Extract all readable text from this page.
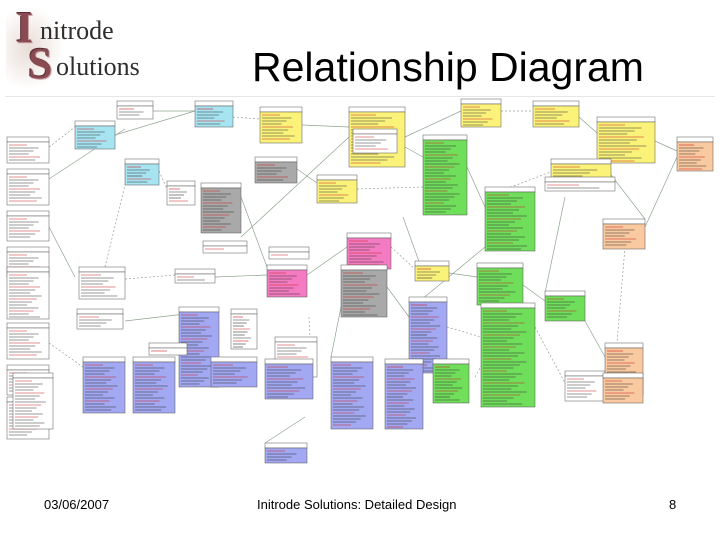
I nitrode
S olutions	Relationship Diagram
03/06/2007	Initrode Solutions: Detailed Design	8
